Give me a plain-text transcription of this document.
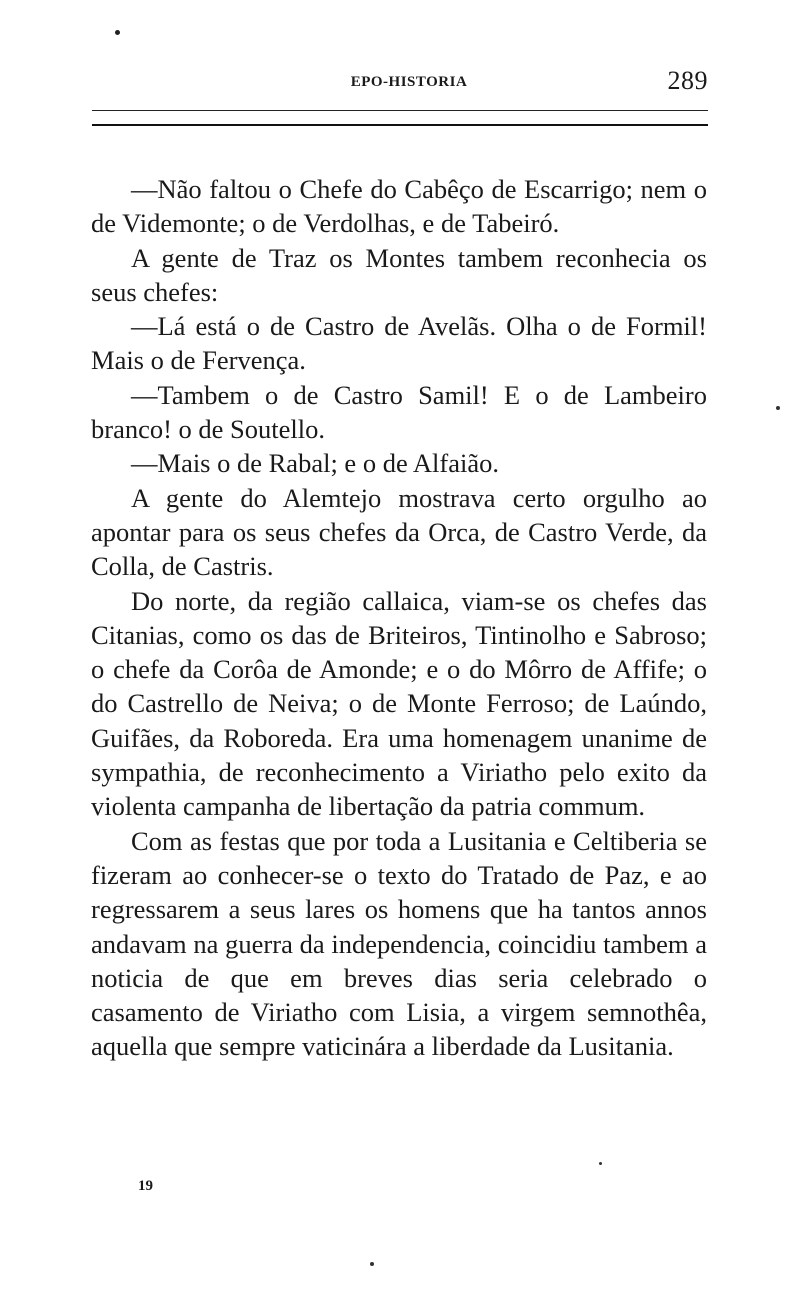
EPO-HISTORIA	289

—Não faltou o Chefe do Cabêço de Escarrigo; nem o de Videmonte; o de Verdolhas, e de Tabeiró.

A gente de Traz os Montes tambem reconhecia os seus chefes:

—Lá está o de Castro de Avelãs. Olha o de Formil! Mais o de Fervença.

—Tambem o de Castro Samil! E o de Lambeiro branco! o de Soutello.

—Mais o de Rabal; e o de Alfaião.

A gente do Alemtejo mostrava certo orgulho ao apontar para os seus chefes da Orca, de Castro Verde, da Colla, de Castris.

Do norte, da região callaica, viam-se os chefes das Citanias, como os das de Briteiros, Tintinolho e Sabroso; o chefe da Corôa de Amonde; e o do Môrro de Affife; o do Castrello de Neiva; o de Monte Ferroso; de Laúndo, Guifães, da Roboreda. Era uma homenagem unanime de sympathia, de reconhecimento a Viriatho pelo exito da violenta campanha de libertação da patria commum.

Com as festas que por toda a Lusitania e Celtiberia se fizeram ao conhecer-se o texto do Tratado de Paz, e ao regressarem a seus lares os homens que ha tantos annos andavam na guerra da independencia, coincidiu tambem a noticia de que em breves dias seria celebrado o casamento de Viriatho com Lisia, a virgem semnothêa, aquella que sempre vaticinára a liberdade da Lusitania.

19
